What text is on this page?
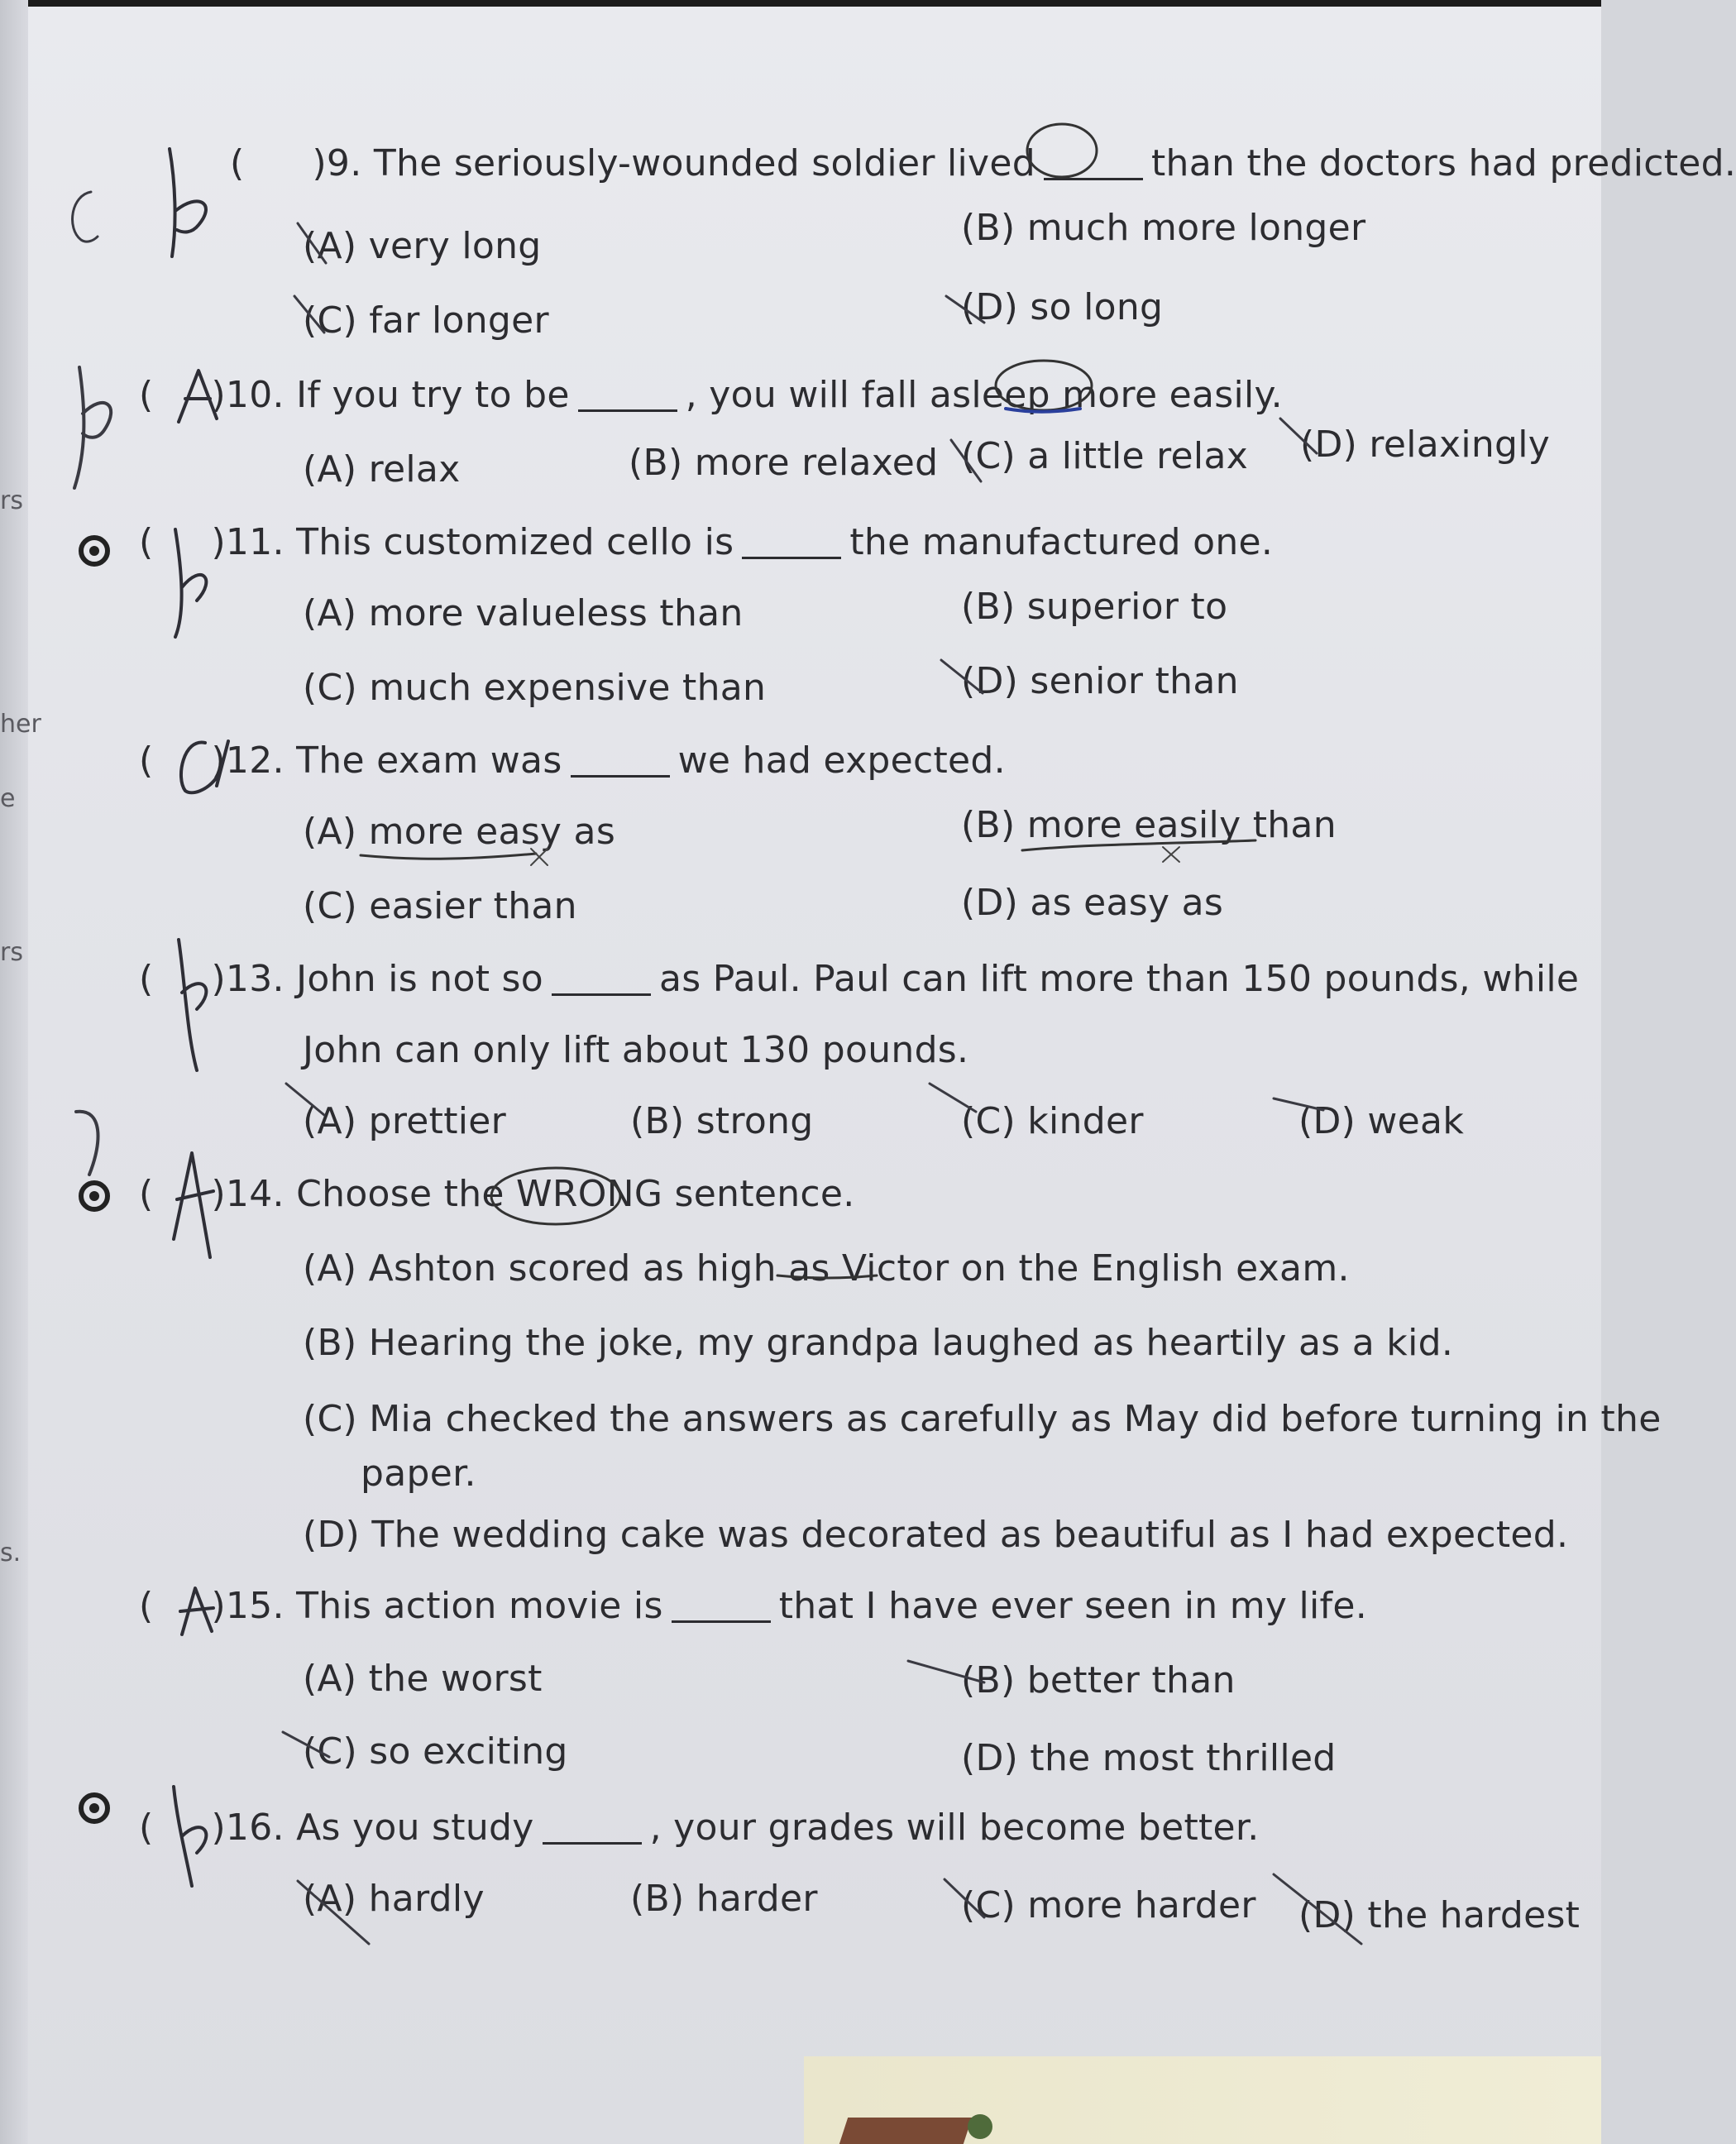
rs
her
e
rs
s.
( )9. The seriously-wounded soldier lived	than the doctors had predicted.
(A) very long	(B) much more longer
(C) far longer	(D) so long
( )10. If you try to be	, you will fall asleep more easily.
(A) relax	(B) more relaxed (C) a little relax (D) relaxingly
( )11. This customized cello is	the manufactured one.
(A) more valueless than	(B) superior to
(C) much expensive than	(D) senior than
( )12. The exam was	we had expected.
(A) more easy as	(B) more easily than
(C) easier than	(D) as easy as
( )13. John is not so	as Paul. Paul can lift more than 150 pounds, while
John can only lift about 130 pounds.
(A) prettier	(B) strong	(C) kinder	(D) weak
( )14. Choose the WRONG sentence.
(A) Ashton scored as high as Victor on the English exam.
(B) Hearing the joke, my grandpa laughed as heartily as a kid.
(C) Mia checked the answers as carefully as May did before turning in the
paper.
(D) The wedding cake was decorated as beautiful as I had expected.
( )15. This action movie is	that I have ever seen in my life.
(A) the worst	(B) better than
(C) so exciting	(D) the most thrilled
( )16. As you study	, your grades will become better.
(A) hardly	(B) harder	(C) more harder (D) the hardest
